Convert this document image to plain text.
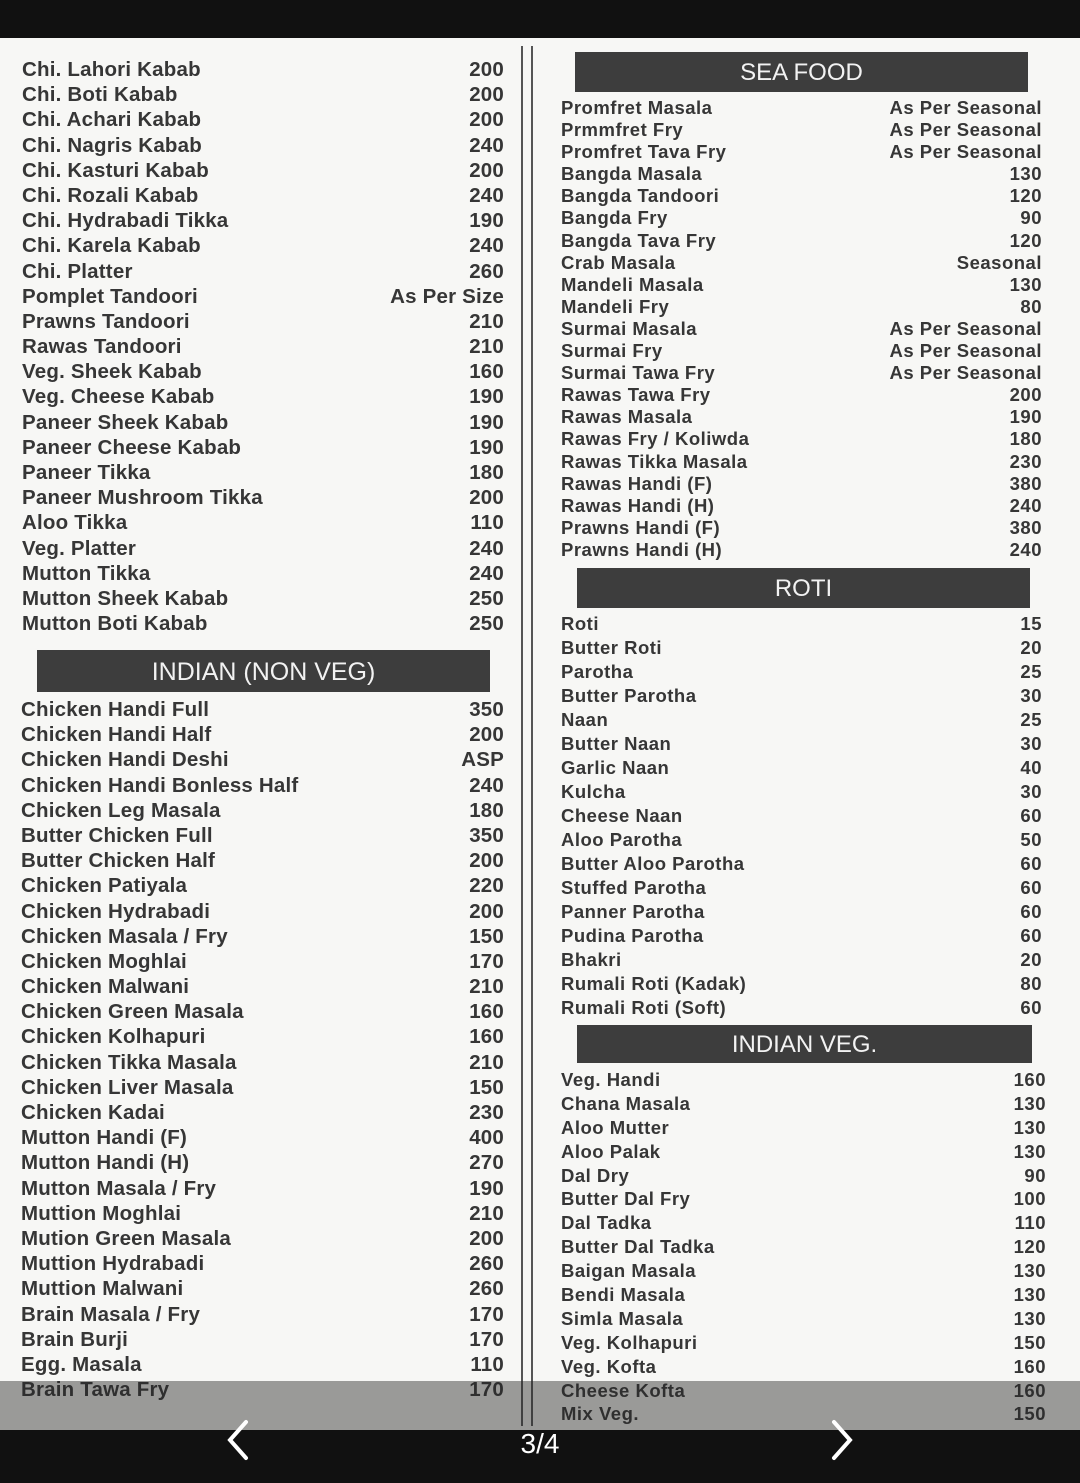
Chi. Lahori Kabab	200
Chi. Boti Kabab	200
Chi. Achari Kabab	200
Chi. Nagris Kabab	240
Chi. Kasturi Kabab	200
Chi. Rozali Kabab	240
Chi. Hydrabadi Tikka	190
Chi. Karela Kabab	240
Chi. Platter	260
Pomplet Tandoori	As Per Size
Prawns Tandoori	210
Rawas Tandoori	210
Veg. Sheek Kabab	160
Veg. Cheese Kabab	190
Paneer Sheek Kabab	190
Paneer Cheese Kabab	190
Paneer Tikka	180
Paneer Mushroom Tikka	200
Aloo Tikka	110
Veg. Platter	240
Mutton Tikka	240
Mutton Sheek Kabab	250
Mutton Boti Kabab	250
INDIAN (NON VEG)
Chicken Handi Full	350
Chicken Handi Half	200
Chicken Handi Deshi	ASP
Chicken Handi Bonless Half	240
Chicken Leg Masala	180
Butter Chicken Full	350
Butter Chicken Half	200
Chicken Patiyala	220
Chicken Hydrabadi	200
Chicken Masala / Fry	150
Chicken Moghlai	170
Chicken Malwani	210
Chicken Green Masala	160
Chicken Kolhapuri	160
Chicken Tikka Masala	210
Chicken Liver Masala	150
Chicken Kadai	230
Mutton Handi (F)	400
Mutton Handi (H)	270
Mutton Masala / Fry	190
Muttion Moghlai	210
Mution Green Masala	200
Muttion Hydrabadi	260
Muttion Malwani	260
Brain Masala / Fry	170
Brain Burji	170
Egg. Masala	110
Brain Tawa Fry	170
SEA FOOD
Promfret Masala	As Per Seasonal
Prmmfret Fry	As Per Seasonal
Promfret Tava Fry	As Per Seasonal
Bangda Masala	130
Bangda Tandoori	120
Bangda Fry	90
Bangda Tava Fry	120
Crab Masala	Seasonal
Mandeli Masala	130
Mandeli Fry	80
Surmai Masala	As Per Seasonal
Surmai Fry	As Per Seasonal
Surmai Tawa Fry	As Per Seasonal
Rawas Tawa Fry	200
Rawas Masala	190
Rawas Fry / Koliwda	180
Rawas Tikka Masala	230
Rawas Handi (F)	380
Rawas Handi (H)	240
Prawns Handi (F)	380
Prawns Handi (H)	240
ROTI
Roti	15
Butter Roti	20
Parotha	25
Butter Parotha	30
Naan	25
Butter Naan	30
Garlic Naan	40
Kulcha	30
Cheese Naan	60
Aloo Parotha	50
Butter Aloo Parotha	60
Stuffed Parotha	60
Panner Parotha	60
Pudina Parotha	60
Bhakri	20
Rumali Roti (Kadak)	80
Rumali Roti (Soft)	60
INDIAN VEG.
Veg. Handi	160
Chana Masala	130
Aloo Mutter	130
Aloo Palak	130
Dal Dry	90
Butter Dal Fry	100
Dal Tadka	110
Butter Dal Tadka	120
Baigan Masala	130
Bendi Masala	130
Simla Masala	130
Veg. Kolhapuri	150
Veg. Kofta	160
Cheese Kofta	160
Mix Veg.	150
3/4
